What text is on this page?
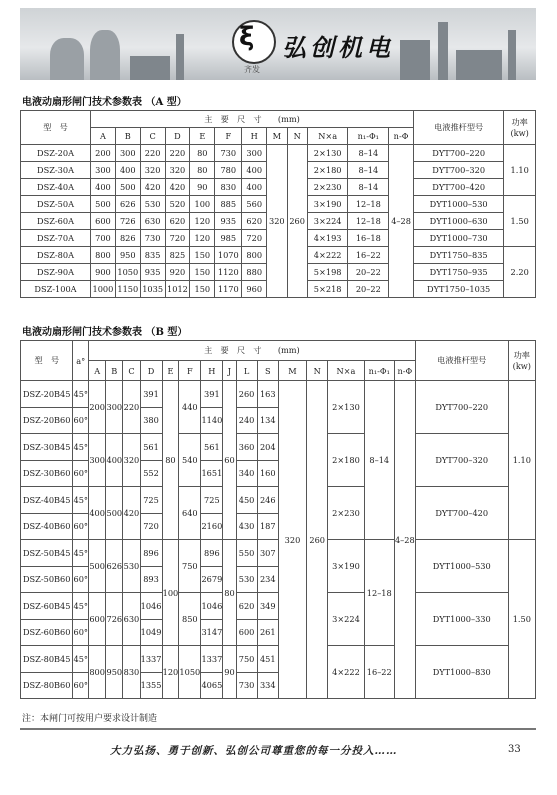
ξ
齐发
弘创机电
电液动扇形闸门技术参数表 （A 型）
型　号	主　要　尺　寸　　(mm)												电液推杆型号	功率
(kw)
	A	B	C	D	E	F	H	M	N	N×a	n₁-Φ₁	n-Φ		
DSZ-20A	200	300	220	220	80	730	300	320	260	2×130	8–14	4–28	DYT700–220	1.10
DSZ-30A	300	400	320	320	80	780	400			2×180	8–14		DYT700–320	
DSZ-40A	400	500	420	420	90	830	400			2×230	8–14		DYT700–420	
DSZ-50A	500	626	530	520	100	885	560			3×190	12–18		DYT1000–530	1.50
DSZ-60A	600	726	630	620	120	935	620			3×224	12–18		DYT1000–630	
DSZ-70A	700	826	730	720	120	985	720			4×193	16–18		DYT1000–730	
DSZ-80A	800	950	835	825	150	1070	800			4×222	16–22		DYT1750–835	2.20
DSZ-90A	900	1050	935	920	150	1120	880			5×198	20–22		DYT1750–935	
DSZ-100A	1000	1150	1035	1012	150	1170	960			5×218	20–22		DYT1750–1035	
电液动扇形闸门技术参数表 （B 型）
型　号	a°	主　要　尺　寸　　(mm)															电液推杆型号	功率
(kw)
		A	B	C	D	E	F	H	J	L	S	M	N	N×a	n₁-Φ₁	n-Φ		
DSZ-20B45	45°	200	300	220	391	80	440	391	60	260	163	320	260	2×130	8–14	4–28	DYT700–220	1.10
DSZ-20B60	60°				380			1140		240	134							
DSZ-30B45	45°	300	400	320	561		540	561		360	204			2×180			DYT700–320	
DSZ-30B60	60°				552			1651		340	160							
DSZ-40B45	45°	400	500	420	725		640	725		450	246			2×230			DYT700–420	
DSZ-40B60	60°				720			2160		430	187							
DSZ-50B45	45°	500	626	530	896	100	750	896	80	550	307			3×190	12–18		DYT1000–530	1.50
DSZ-50B60	60°				893			2679		530	234							
DSZ-60B45	45°	600	726	630	1046		850	1046		620	349			3×224			DYT1000–330	
DSZ-60B60	60°				1049			3147		600	261							
DSZ-80B45	45°	800	950	830	1337	120	1050	1337	90	750	451			4×222	16–22		DYT1000–830	
DSZ-80B60	60°				1355			4065		730	334							
注：本闸门可按用户要求设计制造
大力弘扬、勇于创新、弘创公司尊重您的每一分投入……	33
